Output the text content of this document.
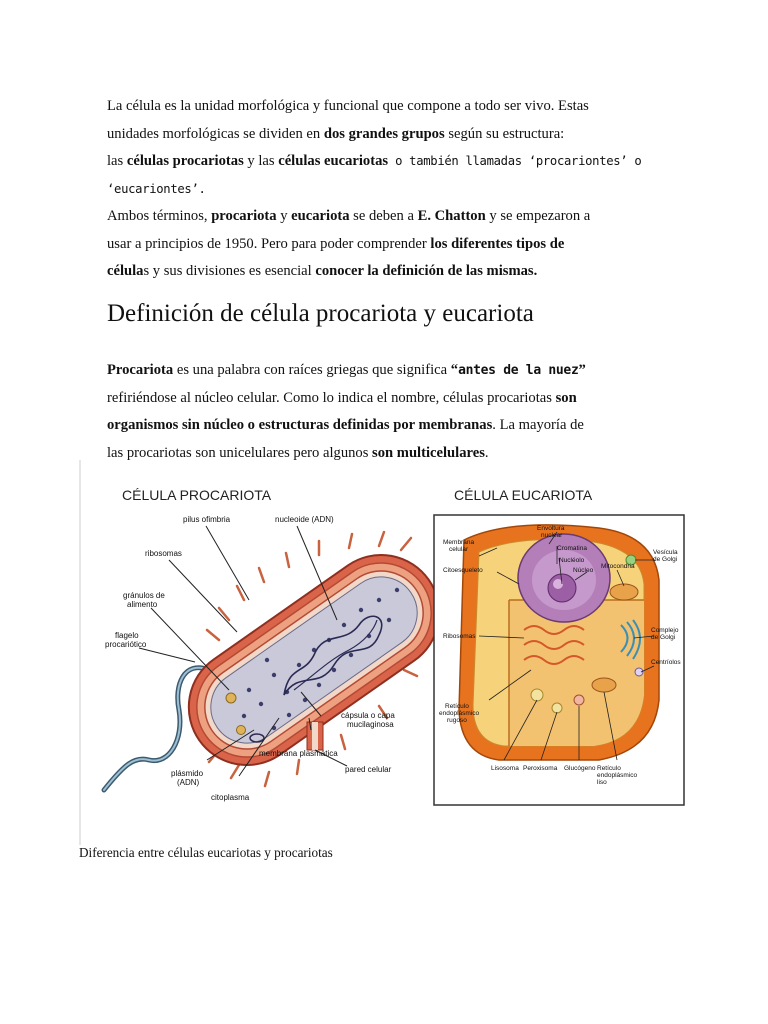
La célula es la unidad morfológica y funcional que compone a todo ser vivo. Estas
unidades morfológicas se dividen en dos grandes grupos según su estructura:
las células procariotas y las células eucariotas o también llamadas ‘procariontes’ o
‘eucariontes’.
Ambos términos, procariota y eucariota se deben a E. Chatton y se empezaron a
usar a principios de 1950. Pero para poder comprender los diferentes tipos de
células y sus divisiones es esencial conocer la definición de las mismas.
Definición de célula procariota y eucariota
Procariota es una palabra con raíces griegas que significa “antes de la nuez”
refiriéndose al núcleo celular. Como lo indica el nombre, células procariotas son
organismos sin núcleo o estructuras definidas por membranas. La mayoría de
las procariotas son unicelulares pero algunos son multicelulares.
CÉLULA PROCARIOTA	CÉLULA EUCARIOTA
pilus ofimbria	nucleoide (ADN)
ribosomas
gránulos de
alimento
flagelo
procariótico
cápsula o capa
mucilaginosa
membrana plasmática
pared celular
plásmido
(ADN)
citoplasma
Envoltura
nuclear
Membrana
celular	Cromatina
Nucléolo
Citoesqueleto	Núcleo
Mitocondria
Vesícula
de Golgi
Ribosomas
Complejo
de Golgi
Centríolos
Retículo
endoplásmico
rugoso
Lisosoma Peroxisoma Glucógeno Retículo
endoplásmico
liso
Diferencia entre células eucariotas y procariotas
